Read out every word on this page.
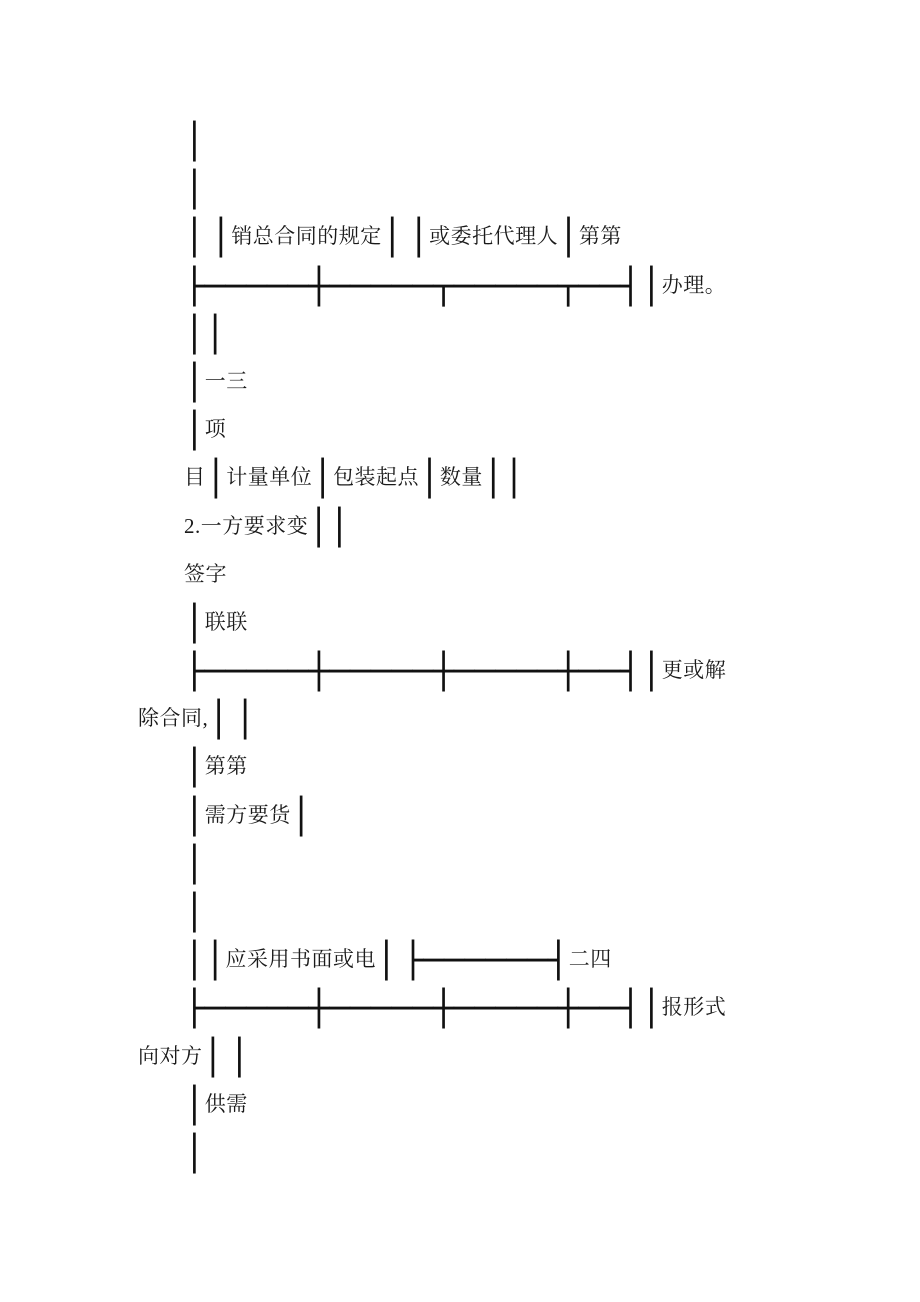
│
│
│ │销总合同的规定│ │或委托代理人│第第
├─────┼─────┬─────┬──┤│办理。
││
│一三
│项
目│计量单位│包装起点│数量││
2.一方要求变││
签字
│联联
├─────┼─────┼─────┼──┤│更或解
除合同,│ │
│第第
│需方要货│
│
│
││应采用书面或电│ ├──────┤二四
├─────┼─────┼─────┼──┤│报形式
向对方│ │
│供需
│
